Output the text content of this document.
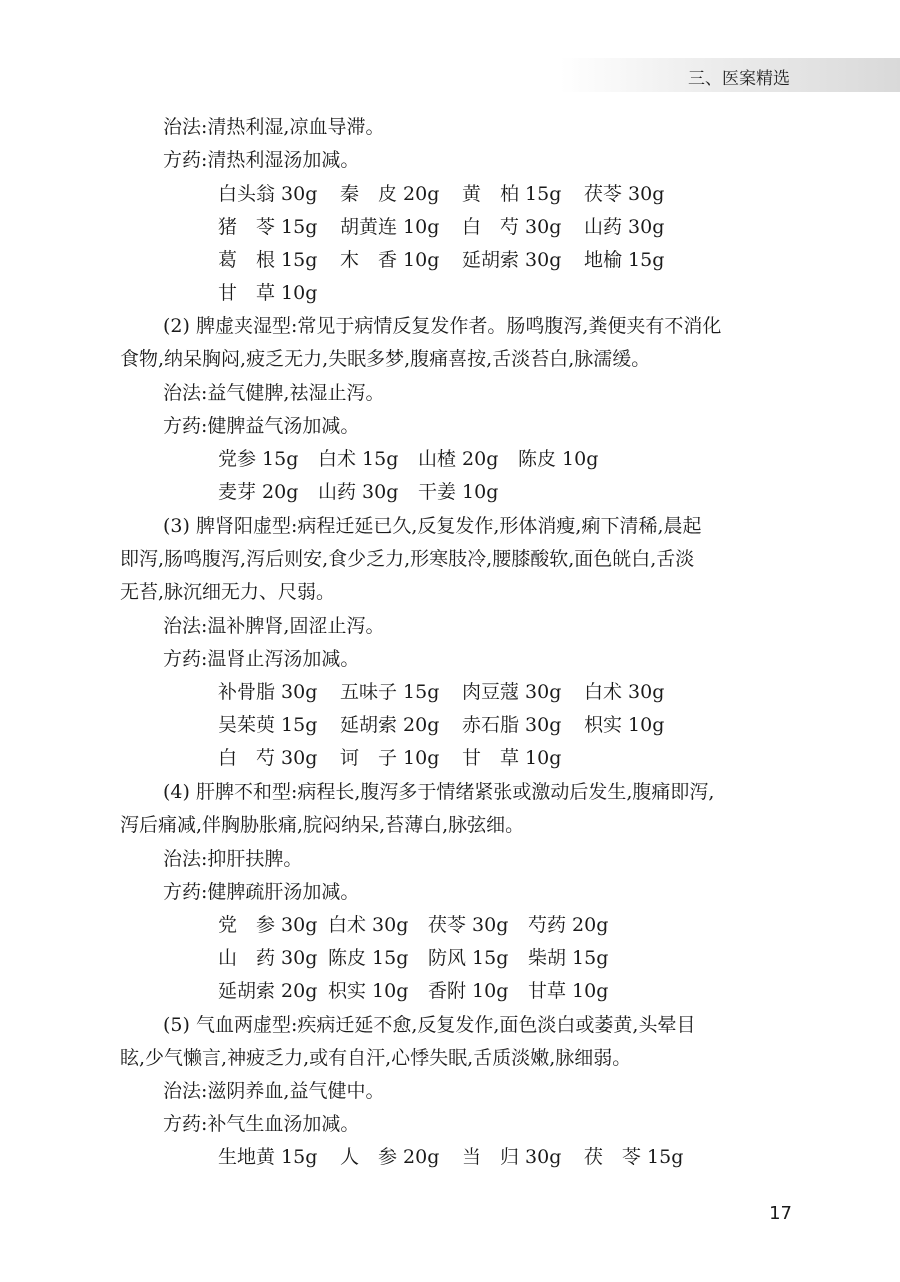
三、医案精选
治法:清热利湿,凉血导滞。
方药:清热利湿汤加减。
白头翁 30g	秦　皮 20g	黄　柏 15g	茯苓 30g
猪　苓 15g	胡黄连 10g	白　芍 30g	山药 30g
葛　根 15g	木　香 10g	延胡索 30g	地榆 15g
甘　草 10g
(2) 脾虚夹湿型:常见于病情反复发作者。肠鸣腹泻,粪便夹有不消化
食物,纳呆胸闷,疲乏无力,失眠多梦,腹痛喜按,舌淡苔白,脉濡缓。
治法:益气健脾,祛湿止泻。
方药:健脾益气汤加减。
党参 15g	白术 15g	山楂 20g	陈皮 10g
麦芽 20g	山药 30g	干姜 10g
(3) 脾肾阳虚型:病程迁延已久,反复发作,形体消瘦,痢下清稀,晨起
即泻,肠鸣腹泻,泻后则安,食少乏力,形寒肢冷,腰膝酸软,面色㿠白,舌淡
无苔,脉沉细无力、尺弱。
治法:温补脾肾,固涩止泻。
方药:温肾止泻汤加减。
补骨脂 30g	五味子 15g	肉豆蔻 30g	白术 30g
吴茱萸 15g	延胡索 20g	赤石脂 30g	枳实 10g
白　芍 30g	诃　子 10g	甘　草 10g
(4) 肝脾不和型:病程长,腹泻多于情绪紧张或激动后发生,腹痛即泻,
泻后痛减,伴胸胁胀痛,脘闷纳呆,苔薄白,脉弦细。
治法:抑肝扶脾。
方药:健脾疏肝汤加减。
党　参 30g 白术 30g	茯苓 30g	芍药 20g
山　药 30g 陈皮 15g	防风 15g	柴胡 15g
延胡索 20g 枳实 10g	香附 10g	甘草 10g
(5) 气血两虚型:疾病迁延不愈,反复发作,面色淡白或萎黄,头晕目
眩,少气懒言,神疲乏力,或有自汗,心悸失眠,舌质淡嫩,脉细弱。
治法:滋阴养血,益气健中。
方药:补气生血汤加减。
生地黄 15g	人　参 20g	当　归 30g	茯　苓 15g
17
